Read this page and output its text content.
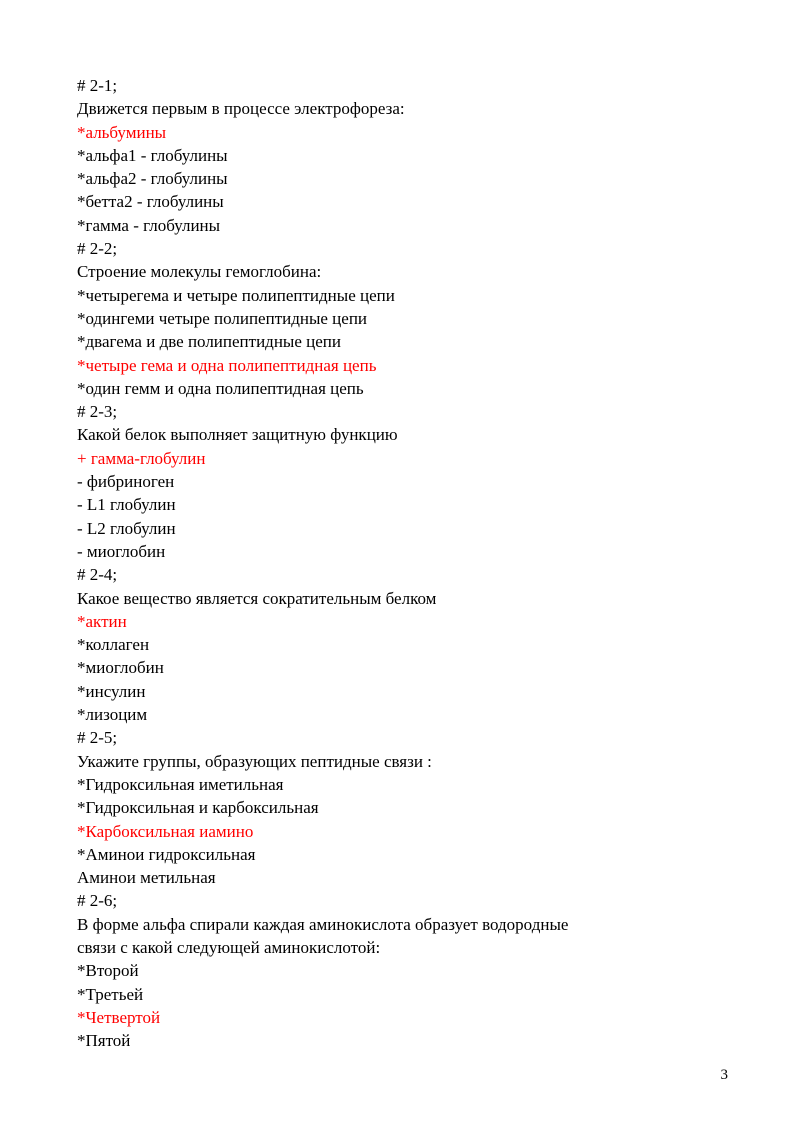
# 2-1;
Движется первым в процессе электрофореза:
*альбумины
*альфа1 - глобулины
*альфа2 - глобулины
*бетта2 - глобулины
*гамма - глобулины
# 2-2;
Строение молекулы гемоглобина:
*четырегема и четыре полипептидные цепи
*одингеми четыре полипептидные цепи
*двагема и две полипептидные цепи
*четыре гема и одна полипептидная цепь
*один гемм и одна полипептидная цепь
# 2-3;
Какой белок выполняет защитную функцию
+ гамма-глобулин
- фибриноген
- L1 глобулин
- L2 глобулин
- миоглобин
# 2-4;
Какое вещество является сократительным белком
*актин
*коллаген
*миоглобин
*инсулин
*лизоцим
# 2-5;
Укажите группы, образующих пептидные связи :
*Гидроксильная иметильная
*Гидроксильная и карбоксильная
*Карбоксильная иамино
*Аминои гидроксильная
Аминои метильная
# 2-6;
В форме альфа спирали каждая аминокислота образует водородные
связи с какой следующей аминокислотой:
*Второй
*Третьей
*Четвертой
*Пятой
3
